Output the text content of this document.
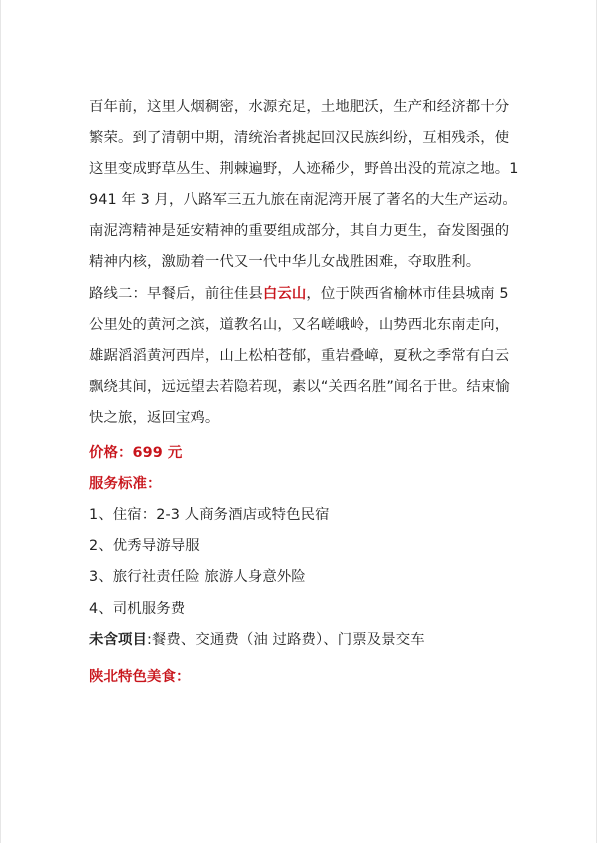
百年前，这里人烟稠密，水源充足，土地肥沃，生产和经济都十分繁荣。到了清朝中期，清统治者挑起回汉民族纠纷，互相残杀，使这里变成野草丛生、荆棘遍野，人迹稀少，野兽出没的荒凉之地。1941 年 3 月，八路军三五九旅在南泥湾开展了著名的大生产运动。南泥湾精神是延安精神的重要组成部分，其自力更生，奋发图强的精神内核，激励着一代又一代中华儿女战胜困难，夺取胜利。

路线二：早餐后，前往佳县白云山，位于陕西省榆林市佳县城南 5 公里处的黄河之滨，道教名山，又名嵯峨岭，山势西北东南走向，雄踞滔滔黄河西岸，山上松柏苍郁，重岩叠嶂，夏秋之季常有白云飘绕其间，远远望去若隐若现，素以“关西名胜”闻名于世。结束愉快之旅，返回宝鸡。

价格：699 元

服务标准：

1、住宿：2-3 人商务酒店或特色民宿

2、优秀导游导服

3、旅行社责任险 旅游人身意外险

4、司机服务费

未含项目:餐费、交通费（油 过路费）、门票及景交车

陕北特色美食：
